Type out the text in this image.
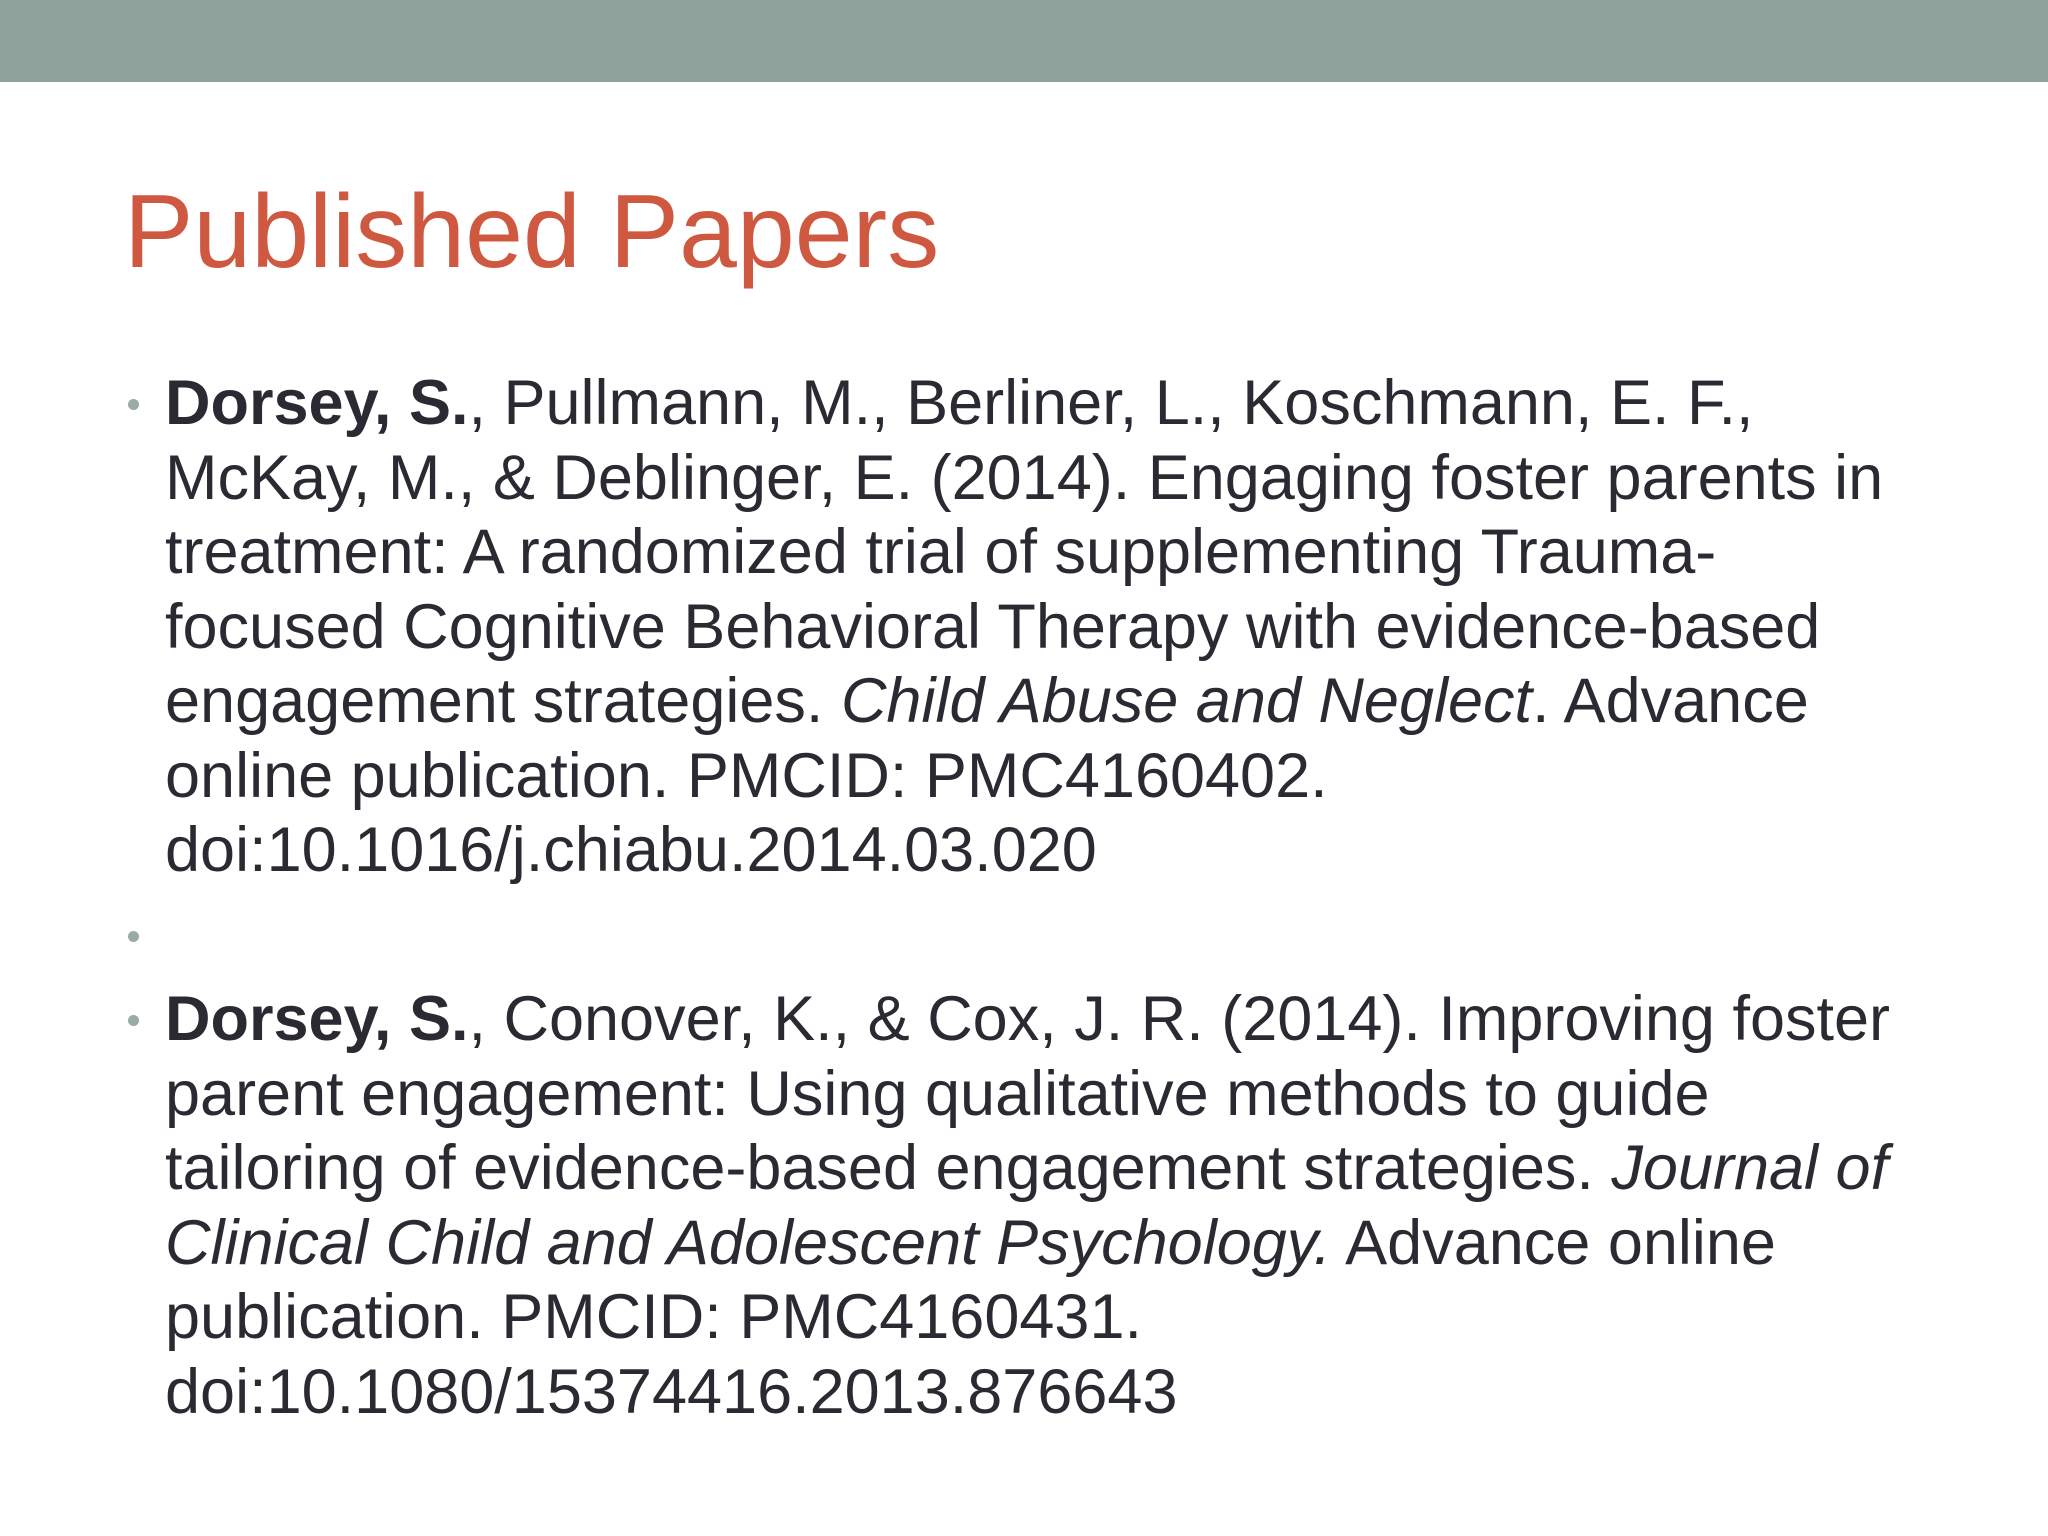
Published Papers
Dorsey, S., Pullmann, M., Berliner, L., Koschmann, E. F., McKay, M., & Deblinger, E. (2014). Engaging foster parents in treatment: A randomized trial of supplementing Trauma-focused Cognitive Behavioral Therapy with evidence-based engagement strategies. Child Abuse and Neglect. Advance online publication. PMCID: PMC4160402. doi:10.1016/j.chiabu.2014.03.020
Dorsey, S., Conover, K., & Cox, J. R. (2014). Improving foster parent engagement: Using qualitative methods to guide tailoring of evidence-based engagement strategies. Journal of Clinical Child and Adolescent Psychology. Advance online publication. PMCID: PMC4160431. doi:10.1080/15374416.2013.876643
